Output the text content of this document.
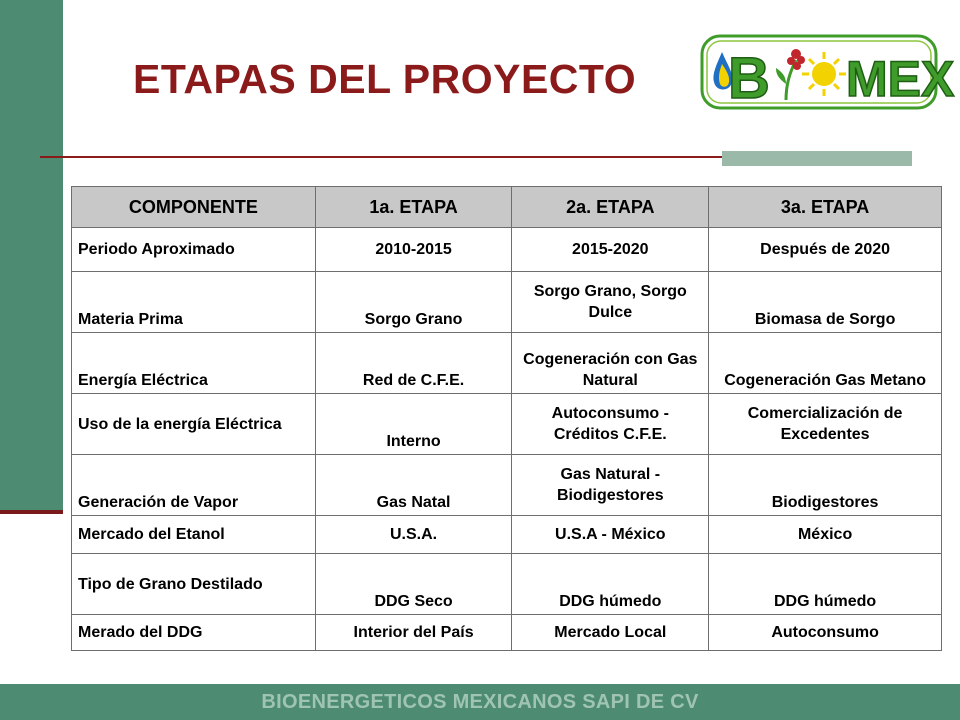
ETAPAS DEL PROYECTO B MEX
COMPONENTE	1a. ETAPA	2a. ETAPA	3a. ETAPA
Periodo Aproximado	2010-2015	2015-2020	Después de 2020
Materia Prima	Sorgo Grano	Sorgo Grano, Sorgo Dulce	Biomasa de Sorgo
Energía Eléctrica	Red de C.F.E.	Cogeneración con Gas Natural	Cogeneración Gas Metano
Uso de la energía Eléctrica	Interno	Autoconsumo - Créditos C.F.E.	Comercialización de Excedentes
Generación de Vapor	Gas Natal	Gas Natural - Biodigestores	Biodigestores
Mercado del Etanol	U.S.A.	U.S.A - México	México
Tipo de Grano Destilado	DDG Seco	DDG húmedo	DDG húmedo
Merado del DDG	Interior del País	Mercado Local	Autoconsumo
BIOENERGETICOS MEXICANOS SAPI DE CV
